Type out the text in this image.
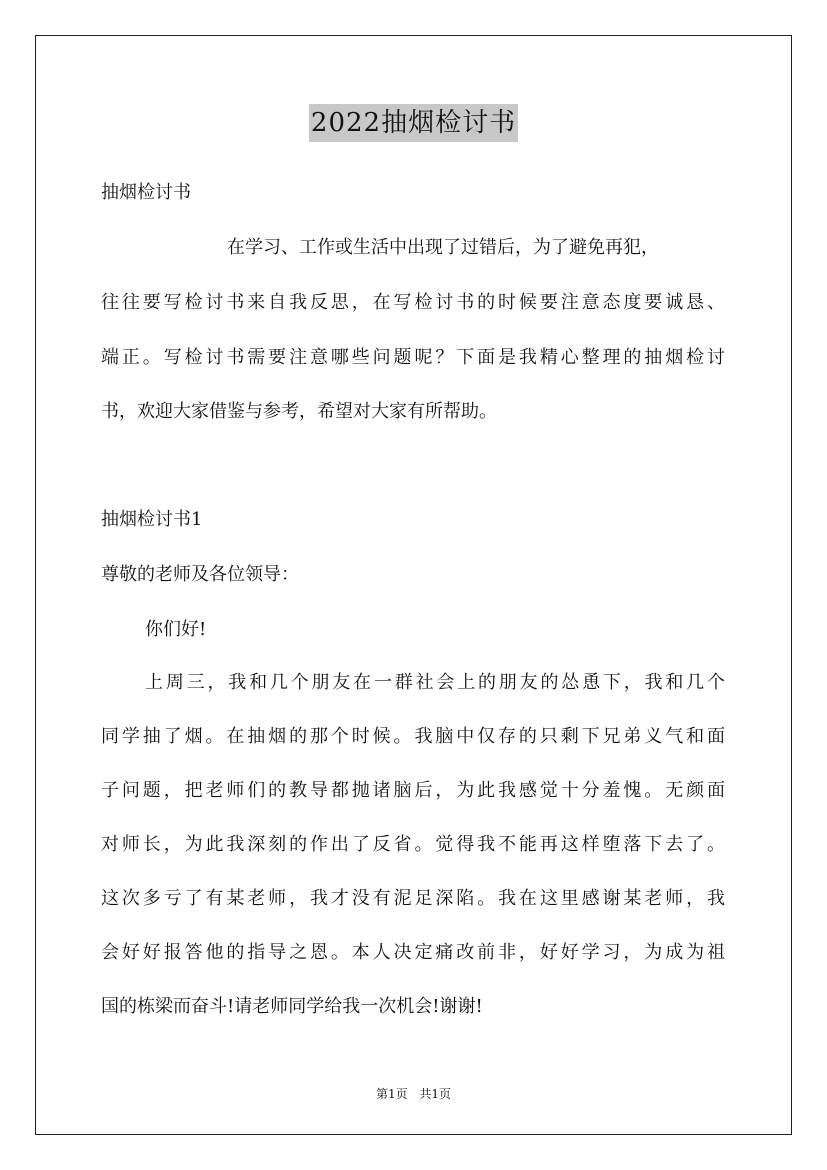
2022抽烟检讨书
抽烟检讨书
在学习、工作或生活中出现了过错后，为了避免再犯，
往往要写检讨书来自我反思，在写检讨书的时候要注意态度要诚恳、
端正。写检讨书需要注意哪些问题呢？下面是我精心整理的抽烟检讨
书，欢迎大家借鉴与参考，希望对大家有所帮助。
抽烟检讨书1
尊敬的老师及各位领导：
你们好!
上周三，我和几个朋友在一群社会上的朋友的怂恿下，我和几个
同学抽了烟。在抽烟的那个时候。我脑中仅存的只剩下兄弟义气和面
子问题，把老师们的教导都抛诸脑后，为此我感觉十分羞愧。无颜面
对师长，为此我深刻的作出了反省。觉得我不能再这样堕落下去了。
这次多亏了有某老师，我才没有泥足深陷。我在这里感谢某老师，我
会好好报答他的指导之恩。本人决定痛改前非，好好学习，为成为祖
国的栋梁而奋斗!请老师同学给我一次机会!谢谢!
第1页 共1页
